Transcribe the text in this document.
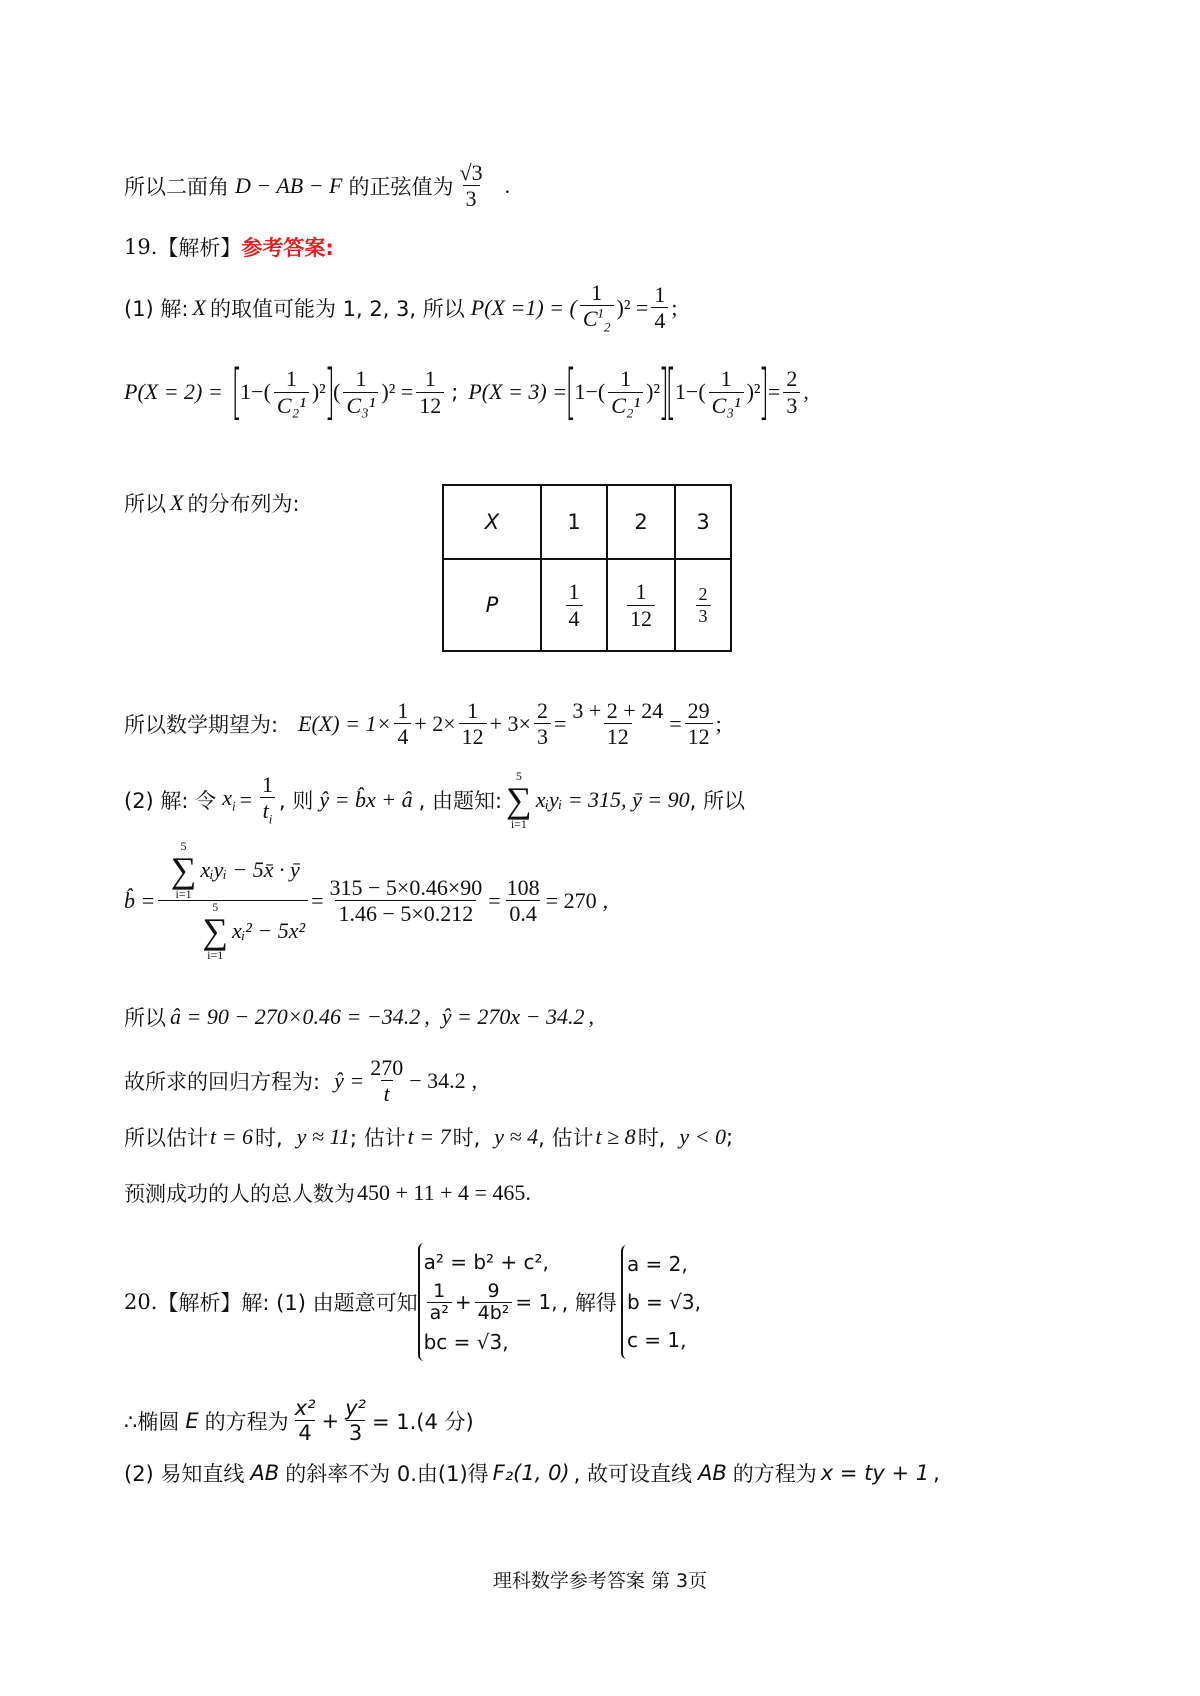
所以二面角 D − AB − F 的正弦值为 $\frac{√3}{3}$ .
19. 【解析】 参考答案:
(1) 解: X 的取值可能为 1, 2, 3, 所以 P(X =1) = ( $\frac{1}{C^1_2} )^2 = \frac{1}{4}$ ;
P(X = 2) = [
$1-( \frac{1}{\text{C₂¹}} )^2$
]
( $\frac{1}{\text{C₃¹}} )^2 = \frac{1}{12}$ ; P(X = 3) =
[
$1-( \frac{1}{\text{C₂¹}} )^2$
]
[
$1-( \frac{1}{\text{C₃¹}} )^2$
]
= $\frac{2}{3}$ ,
所以 X 的分布列为:
X	1	2	3
P	$\frac{1}{4}$	$\frac{1}{12}$	$\frac{2}{3}$
所以数学期望为: $E(X) = 1\times \frac{1}{4} + 2\times \frac{1}{12} + 3\times \frac{2}{3} = \frac{3 + 2 + 24}{12} = \frac{29}{12}$ ;
(2) 解: 令 $x_i = \frac{1}{t_i}$ , 则 ŷ = b̂x + â , 由题知:
5
∑
i=1
xᵢyᵢ = 315, ȳ = 90 , 所以
b̂ = 5
∑
i=1
xᵢyᵢ − 5x̄ · ȳ
5
∑
i=1
xᵢ² − $5x^2 = \frac{315 - 5\times 0.46\times 90}{1.46 - 5\times 0.212} = \frac{108}{0.4} = 270$ ,
所以 â = 90 − 270×0.46 = −34.2 , ŷ = 270x − 34.2 ,
故所求的回归方程为: ŷ = $\frac{270}{t} - 34.2$ ,
所以估计 t = 6 时, y ≈ 11 ; 估计 t = 7 时, y ≈ 4 , 估计 t ≥ 8 时, y < 0 ;
预测成功的人的总人数为 450 + 11 + 4 = 465 .
20. 【解析】 解: (1) 由题意可知
a² = b² + c²,
$\frac{1}{\text{a²}} + \frac{9}{\text{4b²}} = 1$,
bc = √3,
, 解得
a = 2,
b = √3,
c = 1,
∴椭圆 E 的方程为 $\frac{\text{x²}}{4} + \frac{\text{y²}}{3} = 1.(4$ 分)
(2) 易知直线 AB 的斜率不为 0.由(1)得 F₂(1, 0) , 故可设直线 AB 的方程为 x = ty + 1 ,
理科数学参考答案 第 3页
